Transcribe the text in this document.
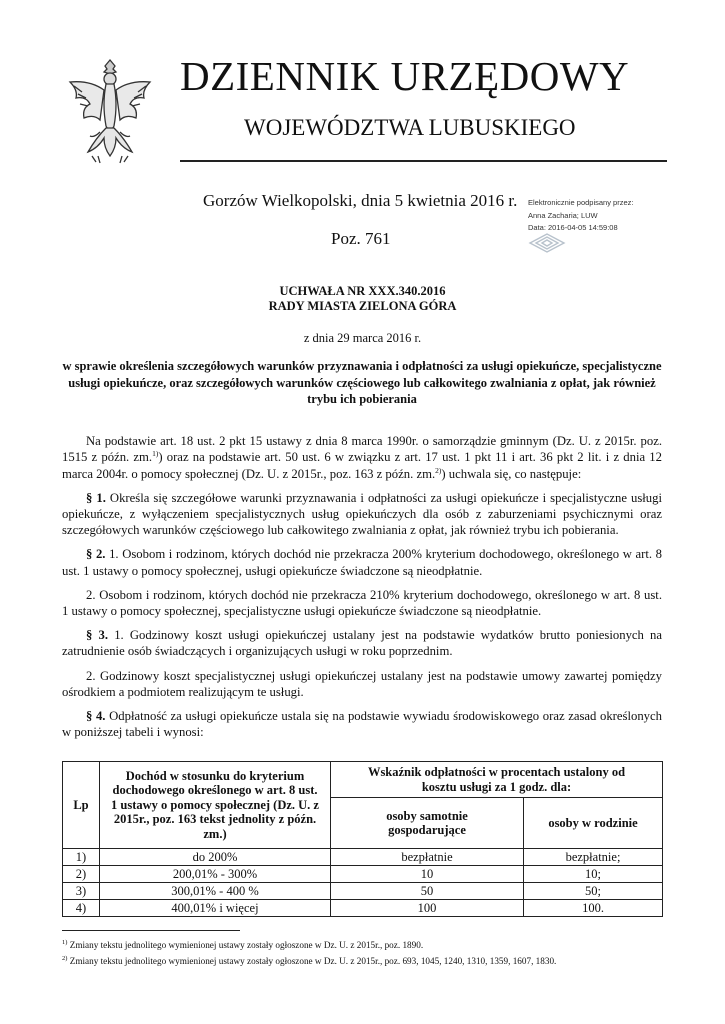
DZIENNIK URZĘDOWY
WOJEWÓDZTWA LUBUSKIEGO
Gorzów Wielkopolski, dnia 5 kwietnia 2016 r.
Poz. 761
Elektronicznie podpisany przez:
Anna Zacharia; LUW
Data: 2016-04-05 14:59:08
UCHWAŁA NR XXX.340.2016
RADY MIASTA ZIELONA GÓRA
z dnia 29 marca 2016 r.
w sprawie określenia szczegółowych warunków przyznawania i odpłatności za usługi opiekuńcze, specjalistyczne usługi opiekuńcze, oraz szczegółowych warunków częściowego lub całkowitego zwalniania z opłat, jak również trybu ich pobierania

Na podstawie art. 18 ust. 2 pkt 15 ustawy z dnia 8 marca 1990r. o samorządzie gminnym (Dz. U. z 2015r. poz. 1515 z późn. zm.$^{1)}$) oraz na podstawie art. 50 ust. 6 w związku z art. 17 ust. 1 pkt 11 i art. 36 pkt 2 lit. i z dnia 12 marca 2004r. o pomocy społecznej (Dz. U. z 2015r., poz. 163 z późn. zm.$^{2)}$) uchwala się, co następuje:

§ 1. Określa się szczegółowe warunki przyznawania i odpłatności za usługi opiekuńcze i specjalistyczne usługi opiekuńcze, z wyłączeniem specjalistycznych usług opiekuńczych dla osób z zaburzeniami psychicznymi oraz szczegółowych warunków częściowego lub całkowitego zwalniania z opłat, jak również trybu ich pobierania.

§ 2. 1. Osobom i rodzinom, których dochód nie przekracza 200% kryterium dochodowego, określonego w art. 8 ust. 1 ustawy o pomocy społecznej, usługi opiekuńcze świadczone są nieodpłatnie.

2. Osobom i rodzinom, których dochód nie przekracza 210% kryterium dochodowego, określonego w art. 8 ust. 1 ustawy o pomocy społecznej, specjalistyczne usługi opiekuńcze świadczone są nieodpłatnie.

§ 3. 1. Godzinowy koszt usługi opiekuńczej ustalany jest na podstawie wydatków brutto poniesionych na zatrudnienie osób świadczących i organizujących usługi w roku poprzednim.

2. Godzinowy koszt specjalistycznej usługi opiekuńczej ustalany jest na podstawie umowy zawartej pomiędzy ośrodkiem a podmiotem realizującym te usługi.

§ 4. Odpłatność za usługi opiekuńcze ustala się na podstawie wywiadu środowiskowego oraz zasad określonych w poniższej tabeli i wynosi:

Lp	Dochód w stosunku do kryterium dochodowego określonego w art. 8 ust. 1 ustawy o pomocy społecznej (Dz. U. z 2015r., poz. 163 tekst jednolity z późn. zm.)	Wskaźnik odpłatności w procentach ustalony od kosztu usługi za 1 godz. dla:	
		osoby samotnie gospodarujące	osoby w rodzinie
1)	do 200%	bezpłatnie	bezpłatnie;
2)	200,01% - 300%	10	10;
3)	300,01% - 400 %	50	50;
4)	400,01% i więcej	100	100.
$^{1)}$ Zmiany tekstu jednolitego wymienionej ustawy zostały ogłoszone w Dz. U. z 2015r., poz. 1890.
$^{2)}$ Zmiany tekstu jednolitego wymienionej ustawy zostały ogłoszone w Dz. U. z 2015r., poz. 693, 1045, 1240, 1310, 1359, 1607, 1830.
